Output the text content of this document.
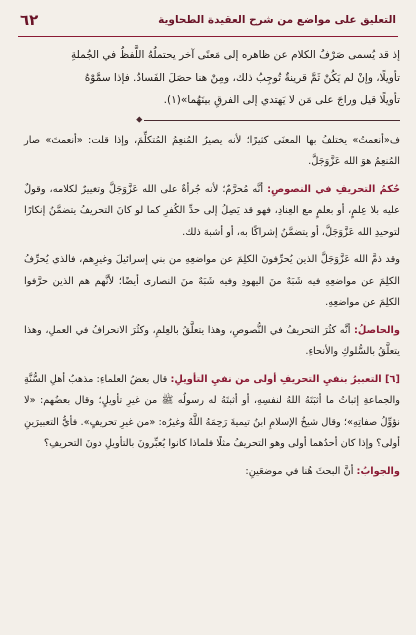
التعليق على مواضع من شرح العقيدة الطحاوية
٦٢
إذ قد يُسمى صَرْفُ الكلام عن ظاهره إلى مَعنًى آخر يحتملُهُ اللَّفظُ في الجُملةِ
تأويلًا، وإنْ لم يَكُنْ ثَمَّ قرينةٌ تُوجِبُ ذلك، ومِنْ هنا حصَلَ الفَسادُ. فإذا سمَّوْهُ
تأويلًا قيل وراجَ على مَن لا يَهتدي إلى الفرقِ بينَهُما»(١).
⬥

ف«أنعمتُ» يختلفُ بها المعنَى كثيرًا؛ لأنه يصيرُ المُنعِمُ المُتكلِّمَ، وإذا قلت: «أنعمتَ» صار المُنعِمُ هوَ الله عَزَّوَجَلَّ.

حُكمُ التحريفِ في النصوصِ: أنَّه مُحرَّمٌ؛ لأنه جُرأةٌ على الله عَزَّوَجَلَّ وتغييرٌ لكلامه، وقولٌ عليه بلا عِلمٍ، أو بعلمٍ مع العِنادِ، فهو قد يَصِلُ إلى حدِّ الكُفرِ كما لو كانَ التحريفُ يتضمَّنُ إنكارًا لتوحيدِ الله عَزَّوَجَلَّ، أو يتضمَّنُ إشراكًا به، أو أشبهَ ذلك.

وقد ذمَّ الله عَزَّوَجَلَّ الذين يُحرِّفونَ الكلِمَ عن مواضعِهِ من بني إسرائيلَ وغيرِهم، فالذي يُحرِّفُ الكلِمَ عن مواضعِهِ فيه شَبَهٌ منَ اليهودِ وفيه شَبَهٌ منَ النصارى أيضًا؛ لأنَّهم هم الذين حرَّفوا الكلِمَ عن مواضعِهِ.

والحاصلُ: أنَّه كثُرَ التحريفُ في النُّصوصِ، وهذا يتعلَّقُ بالعِلمِ، وكثُرَ الانحرافُ في العملِ، وهذا يتعلَّقُ بالسُّلوكِ والأنحاءِ.

[٦] التعبيرُ بنفيِ التحريفِ أولى من نفيِ التأويلِ: قال بعضُ العلماءِ: مذهبُ أهلِ السُّنَّةِ والجماعةِ إثباتُ ما أثبَتَهُ اللهُ لنفسِهِ، أو أثبتَهُ له رسولُه ﷺ من غيرِ تأويلٍ؛ وقال بعضُهم: «لا نؤوِّلُ صفاتِهِ»؛ وقال شيخُ الإسلامِ ابنُ تيميةَ رَحِمَهُ اللَّهُ وغيرُه: «من غيرِ تحريفٍ». فأيُّ التعبيرَينِ أولى؟ وإذا كان أحدُهما أولى وهو التحريفُ مثلًا فلماذا كانوا يُعبِّرونَ بالتأويلِ دونَ التحريفِ؟

والجوابُ: أنَّ البحثَ هُنا في موضعَينِ:
